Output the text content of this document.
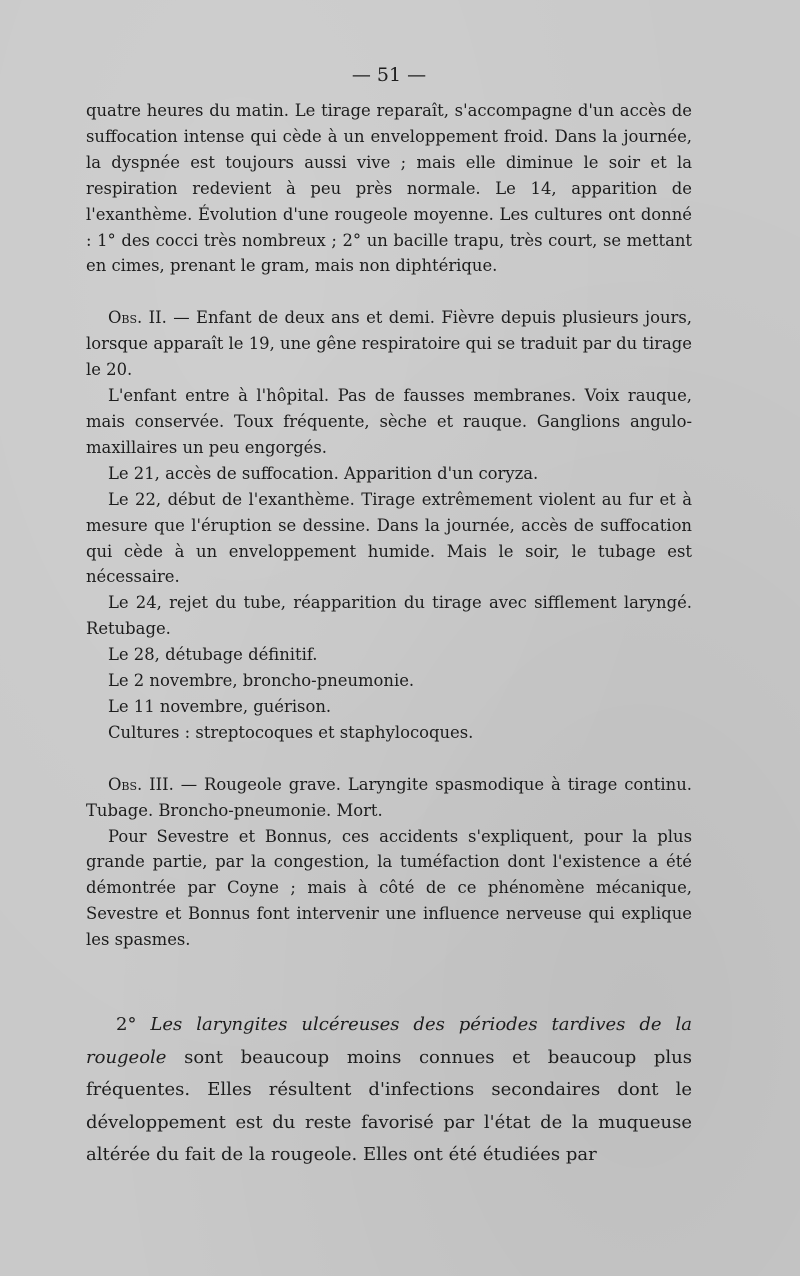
— 51 —

quatre heures du matin. Le tirage reparaît, s'accompagne d'un accès de suffocation intense qui cède à un enveloppement froid. Dans la journée, la dyspnée est toujours aussi vive ; mais elle diminue le soir et la respiration redevient à peu près normale. Le 14, apparition de l'exanthème. Évolution d'une rougeole moyenne. Les cultures ont donné : 1° des cocci très nombreux ; 2° un bacille trapu, très court, se mettant en cimes, prenant le gram, mais non diphtérique.

Obs. II. — Enfant de deux ans et demi. Fièvre depuis plusieurs jours, lorsque apparaît le 19, une gêne respiratoire qui se traduit par du tirage le 20.

L'enfant entre à l'hôpital. Pas de fausses membranes. Voix rauque, mais conservée. Toux fréquente, sèche et rauque. Ganglions angulo-maxillaires un peu engorgés.

Le 21, accès de suffocation. Apparition d'un coryza.

Le 22, début de l'exanthème. Tirage extrêmement violent au fur et à mesure que l'éruption se dessine. Dans la journée, accès de suffocation qui cède à un enveloppement humide. Mais le soir, le tubage est nécessaire.

Le 24, rejet du tube, réapparition du tirage avec sifflement laryngé. Retubage.

Le 28, détubage définitif.

Le 2 novembre, broncho-pneumonie.

Le 11 novembre, guérison.

Cultures : streptocoques et staphylocoques.

Obs. III. — Rougeole grave. Laryngite spasmodique à tirage continu. Tubage. Broncho-pneumonie. Mort.

Pour Sevestre et Bonnus, ces accidents s'expliquent, pour la plus grande partie, par la congestion, la tuméfaction dont l'existence a été démontrée par Coyne ; mais à côté de ce phénomène mécanique, Sevestre et Bonnus font intervenir une influence nerveuse qui explique les spasmes.

2° Les laryngites ulcéreuses des périodes tardives de la rougeole sont beaucoup moins connues et beaucoup plus fréquentes. Elles résultent d'infections secondaires dont le développement est du reste favorisé par l'état de la muqueuse altérée du fait de la rougeole. Elles ont été étudiées par
